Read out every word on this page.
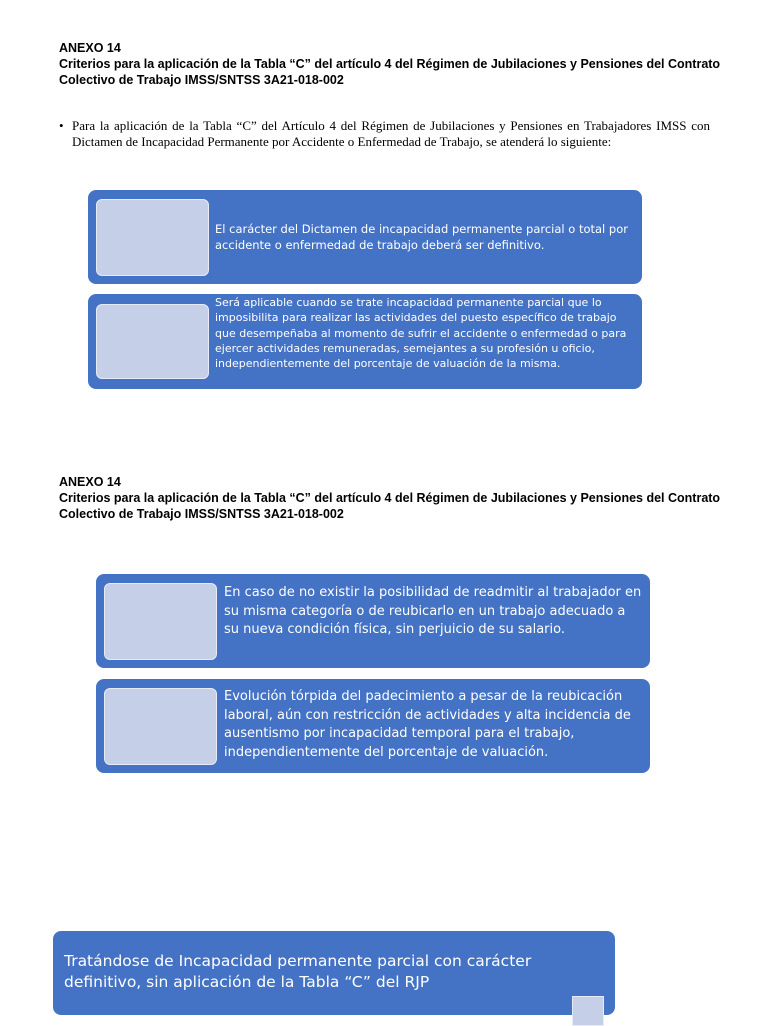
ANEXO 14
Criterios para la aplicación de la Tabla “C” del artículo 4 del Régimen de Jubilaciones y Pensiones del Contrato Colectivo de Trabajo IMSS/SNTSS 3A21-018-002
• Para la aplicación de la Tabla “C” del Artículo 4 del Régimen de Jubilaciones y Pensiones en Trabajadores IMSS con Dictamen de Incapacidad Permanente por Accidente o Enfermedad de Trabajo, se atenderá lo siguiente:
El carácter del Dictamen de incapacidad permanente parcial o total por accidente o enfermedad de trabajo deberá ser definitivo.
Será aplicable cuando se trate incapacidad permanente parcial que lo imposibilita para realizar las actividades del puesto específico de trabajo que desempeñaba al momento de sufrir el accidente o enfermedad o para ejercer actividades remuneradas, semejantes a su profesión u oficio, independientemente del porcentaje de valuación de la misma.
ANEXO 14
Criterios para la aplicación de la Tabla “C” del artículo 4 del Régimen de Jubilaciones y Pensiones del Contrato Colectivo de Trabajo IMSS/SNTSS 3A21-018-002
En caso de no existir la posibilidad de readmitir al trabajador en su misma categoría o de reubicarlo en un trabajo adecuado a su nueva condición física, sin perjuicio de su salario.
Evolución tórpida del padecimiento a pesar de la reubicación laboral, aún con restricción de actividades y alta incidencia de ausentismo por incapacidad temporal para el trabajo, independientemente del porcentaje de valuación.
Tratándose de Incapacidad permanente parcial con carácter definitivo, sin aplicación de la Tabla “C” del RJP
